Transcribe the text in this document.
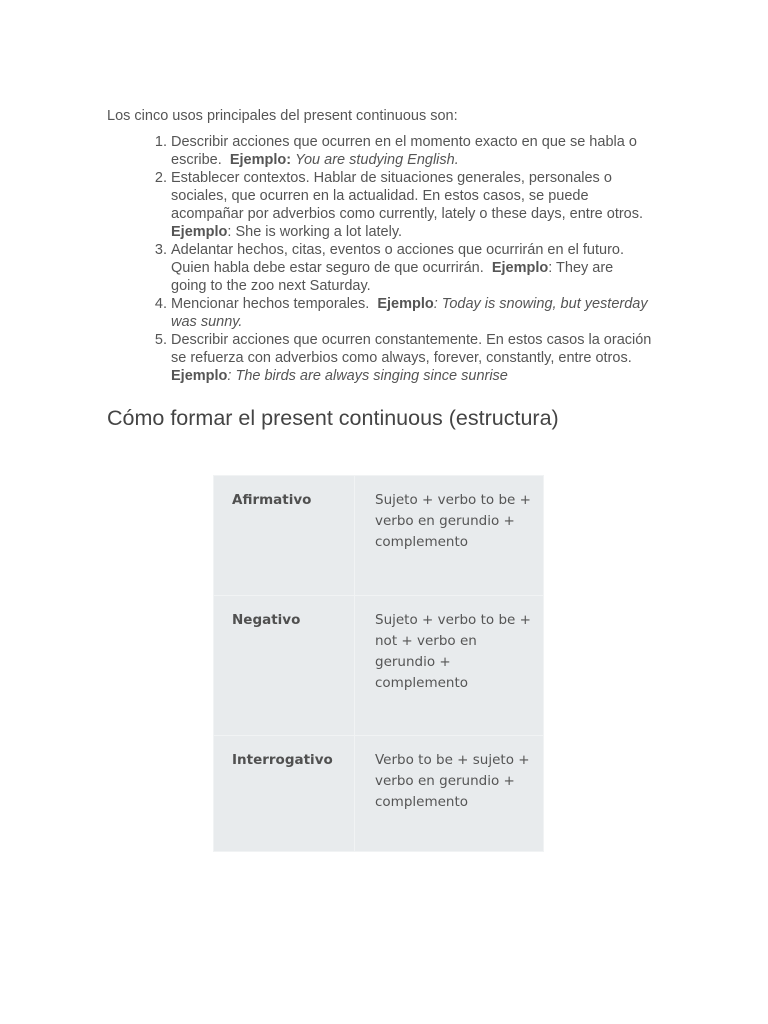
Los cinco usos principales del present continuous son:

1. Describir acciones que ocurren en el momento exacto en que se habla o escribe. Ejemplo: You are studying English.
2. Establecer contextos. Hablar de situaciones generales, personales o sociales, que ocurren en la actualidad. En estos casos, se puede acompañar por adverbios como currently, lately o these days, entre otros.  Ejemplo: She is working a lot lately.
3. Adelantar hechos, citas, eventos o acciones que ocurrirán en el futuro. Quien habla debe estar seguro de que ocurrirán. Ejemplo: They are going to the zoo next Saturday.
4. Mencionar hechos temporales. Ejemplo: Today is snowing, but yesterday was sunny.
5. Describir acciones que ocurren constantemente. En estos casos la oración se refuerza con adverbios como always, forever, constantly, entre otros.  Ejemplo: The birds are always singing since sunrise
Cómo formar el present continuous (estructura)
Afirmativo	Sujeto + verbo to be + verbo en gerundio + complemento
Negativo	Sujeto + verbo to be + not + verbo en gerundio + complemento
Interrogativo	Verbo to be + sujeto + verbo en gerundio + complemento
